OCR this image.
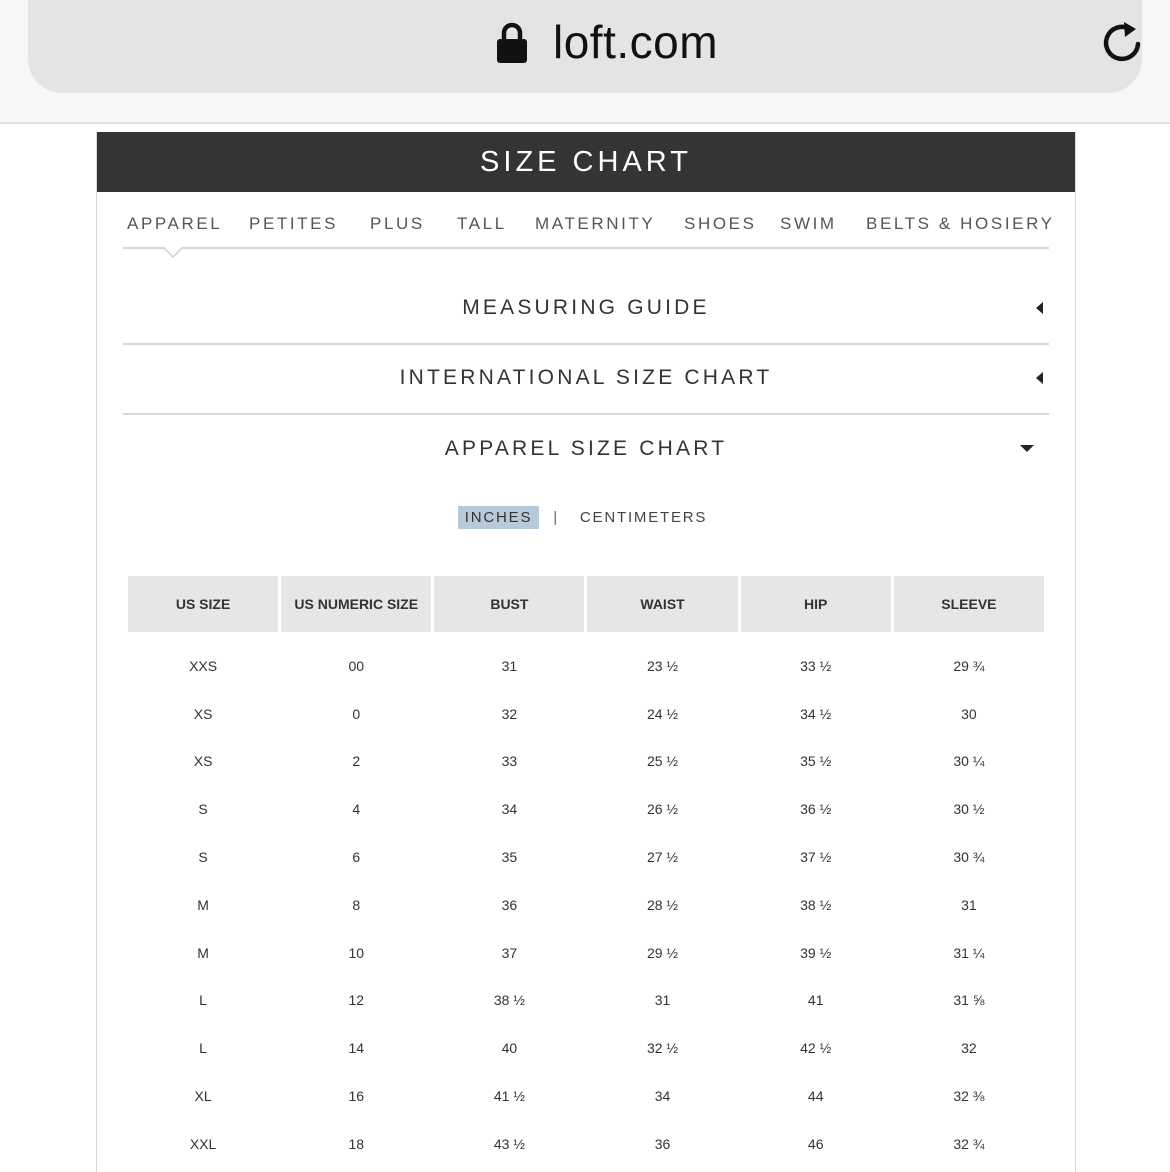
loft.com
SIZE CHART
APPAREL PETITES PLUS TALL MATERNITY SHOES SWIM BELTS & HOSIERY
MEASURING GUIDE
INTERNATIONAL SIZE CHART
APPAREL SIZE CHART
INCHES | CENTIMETERS
US SIZE	US NUMERIC SIZE	BUST	WAIST	HIP	SLEEVE
XXS	00	31	23 ½	33 ½	29 ¾
XS	0	32	24 ½	34 ½	30
XS	2	33	25 ½	35 ½	30 ¼
S	4	34	26 ½	36 ½	30 ½
S	6	35	27 ½	37 ½	30 ¾
M	8	36	28 ½	38 ½	31
M	10	37	29 ½	39 ½	31 ¼
L	12	38 ½	31	41	31 ⅝
L	14	40	32 ½	42 ½	32
XL	16	41 ½	34	44	32 ⅜
XXL	18	43 ½	36	46	32 ¾
